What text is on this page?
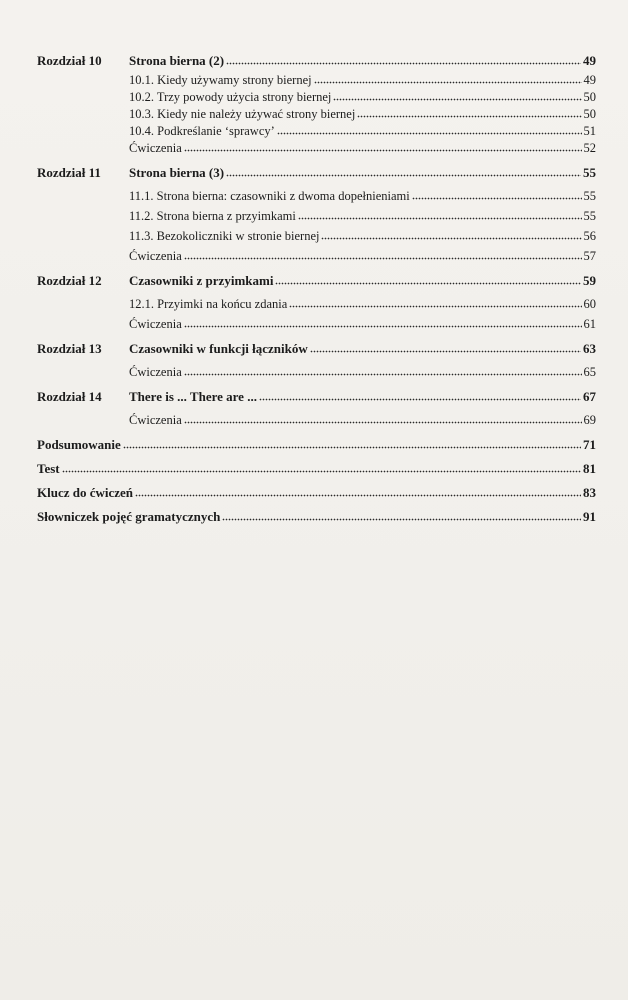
Rozdział 10	Strona bierna (2)	49
10.1. Kiedy używamy strony biernej	49
10.2. Trzy powody użycia strony biernej	50
10.3. Kiedy nie należy używać strony biernej	50
10.4. Podkreślanie ‘sprawcy’	51
Ćwiczenia	52
Rozdział 11	Strona bierna (3)	55
11.1. Strona bierna: czasowniki z dwoma dopełnieniami	55
11.2. Strona bierna z przyimkami	55
11.3. Bezokoliczniki w stronie biernej	56
Ćwiczenia	57
Rozdział 12	Czasowniki z przyimkami	59
12.1. Przyimki na końcu zdania	60
Ćwiczenia	61
Rozdział 13	Czasowniki w funkcji łączników	63
Ćwiczenia	65
Rozdział 14	There is ... There are ...	67
Ćwiczenia	69
Podsumowanie	71
Test	81
Klucz do ćwiczeń	83
Słowniczek pojęć gramatycznych	91
